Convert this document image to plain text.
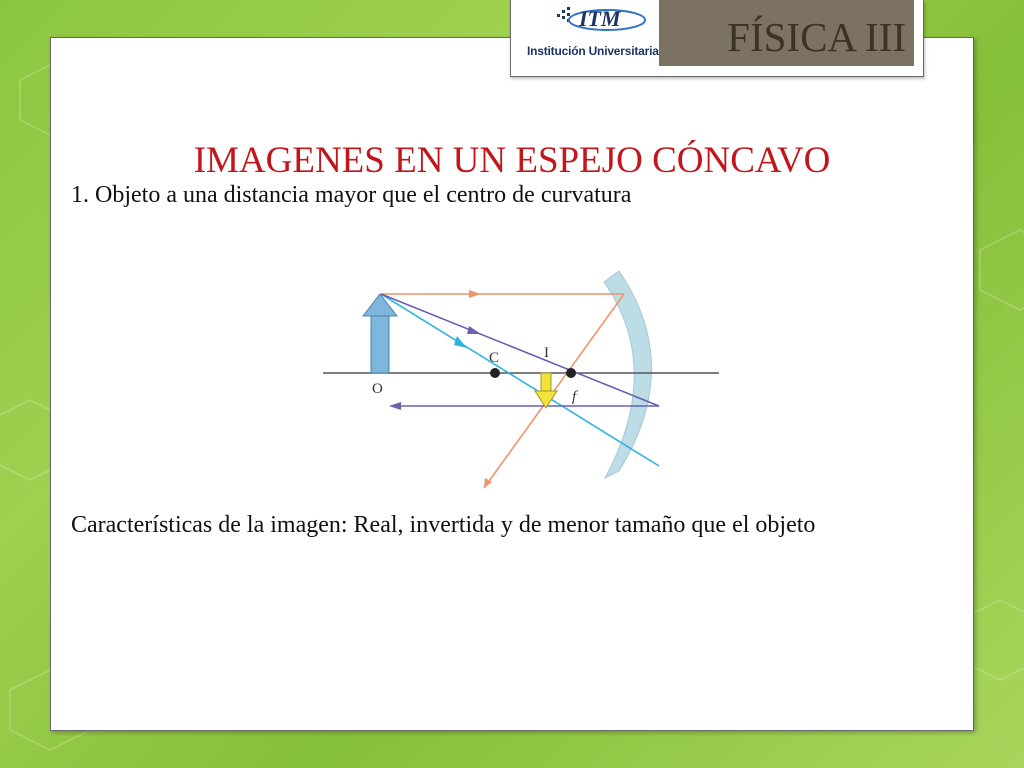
IMAGENES EN UN ESPEJO CÓNCAVO
1. Objeto a una distancia mayor que el centro de curvatura
O
C	I
f
Características de la imagen: Real, invertida y de menor tamaño que el objeto
ITM
Institución Universitaria FÍSICA III
